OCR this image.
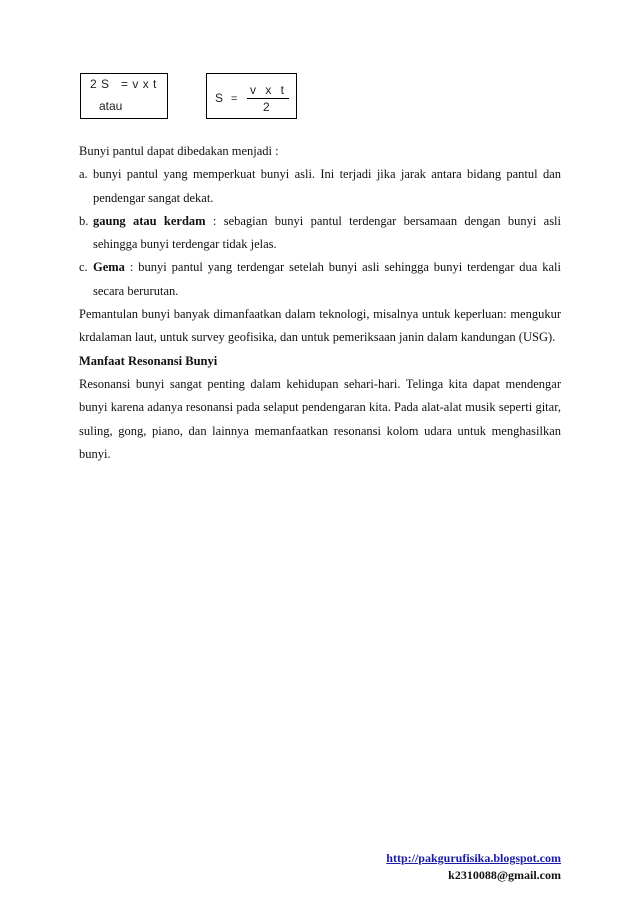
2 S   = v x t
atau
S =
v x t
2

Bunyi pantul dapat dibedakan menjadi :

a. bunyi pantul yang memperkuat bunyi asli. Ini terjadi jika jarak antara bidang pantul dan pendengar sangat dekat.

b. gaung atau kerdam : sebagian bunyi pantul terdengar bersamaan dengan bunyi asli sehingga bunyi terdengar tidak jelas.

c. Gema : bunyi pantul yang terdengar setelah bunyi asli sehingga bunyi terdengar dua kali secara berurutan.

Pemantulan bunyi banyak dimanfaatkan dalam teknologi, misalnya untuk keperluan: mengukur krdalaman laut, untuk survey geofisika, dan untuk pemeriksaan janin dalam kandungan (USG).

Manfaat Resonansi Bunyi

Resonansi bunyi sangat penting dalam kehidupan sehari-hari. Telinga kita dapat mendengar bunyi karena adanya resonansi pada selaput pendengaran kita. Pada alat-alat musik seperti gitar, suling, gong, piano, dan lainnya memanfaatkan resonansi kolom udara untuk menghasilkan bunyi.

http://pakgurufisika.blogspot.com
k2310088@gmail.com
